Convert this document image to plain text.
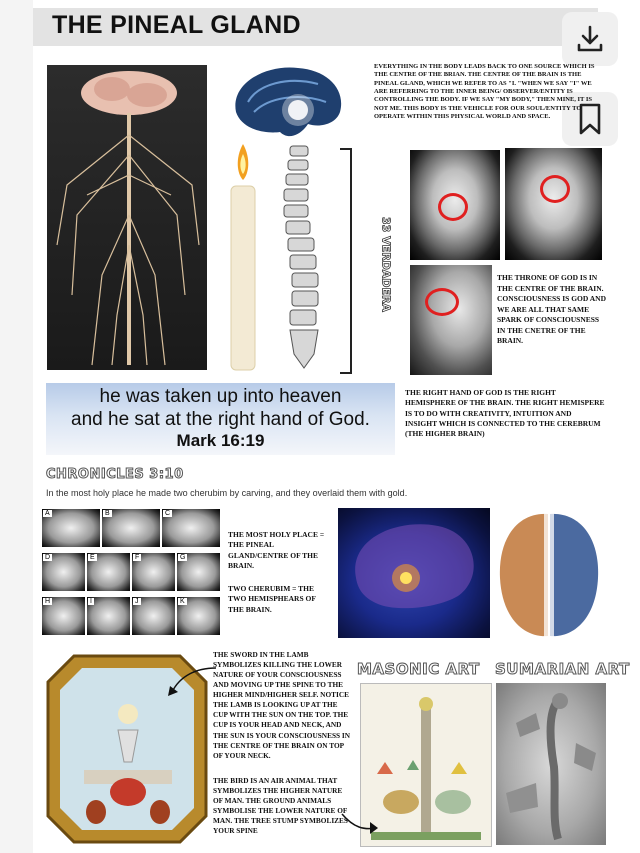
THE PINEAL GLAND
33 VERDADERA
EVERYTHING IN THE BODY LEADS BACK TO ONE SOURCE WHICH IS THE CENTRE OF THE BRIAN. THE CENTRE OF THE BRAIN IS THE PINEAL GLAND, WHICH WE REFER TO AS "I. "WHEN WE SAY "I" WE ARE REFERRING TO THE INNER BEING/ OBSERVER/ENTITY IS CONTROLLING THE BODY. IF WE SAY "MY BODY," THEN MINE, IT IS NOT ME. THIS BODY IS THE VEHICLE FOR OUR SOUL/ENTITY TO OPERATE WITHIN THIS PHYSICAL WORLD AND SPACE.
THE THRONE OF GOD IS IN THE CENTRE OF THE BRAIN. CONSCIOUSNESS IS GOD AND WE ARE ALL THAT SAME SPARK OF CONSCIOUSNESS IN THE CNETRE OF THE BRAIN.
he was taken up into heaven
and he sat at the right hand of God.
Mark 16:19
THE RIGHT HAND OF GOD IS THE RIGHT HEMISPHERE OF THE BRAIN. THE RIGHT HEMISPERE IS TO DO WITH CREATIVITY, INTUITION AND INSIGHT WHICH IS CONNECTED TO THE CEREBRUM (THE HIGHER BRAIN)
CHRONICLES 3:10
In the most holy place he made two cherubim by carving, and they overlaid them with gold.
A	B	C
D	E	F	G
H	I	J	K
THE MOST HOLY PLACE = THE PINEAL GLAND/CENTRE OF THE BRAIN.
TWO CHERUBIM = THE TWO HEMISPHEARS OF THE BRAIN.
THE SWORD IN THE LAMB SYMBOLIZES KILLING THE LOWER NATURE OF YOUR CONSCIOUSNESS AND MOVING UP THE SPINE TO THE HIGHER MIND/HIGHER SELF. NOTICE THE LAMB IS LOOKING UP AT THE CUP WITH THE SUN ON THE TOP. THE CUP IS YOUR HEAD AND NECK, AND THE SUN IS YOUR CONSCIOUSNESS IN THE CENTRE OF THE BRAIN ON TOP OF YOUR NECK.
THE BIRD IS AN AIR ANIMAL THAT SYMBOLIZES THE HIGHER NATURE OF MAN. THE GROUND ANIMALS SYMBOLISE THE LOWER NATURE OF MAN. THE TREE STUMP SYMBOLIZES YOUR SPINE
MASONIC ART SUMARIAN ART
